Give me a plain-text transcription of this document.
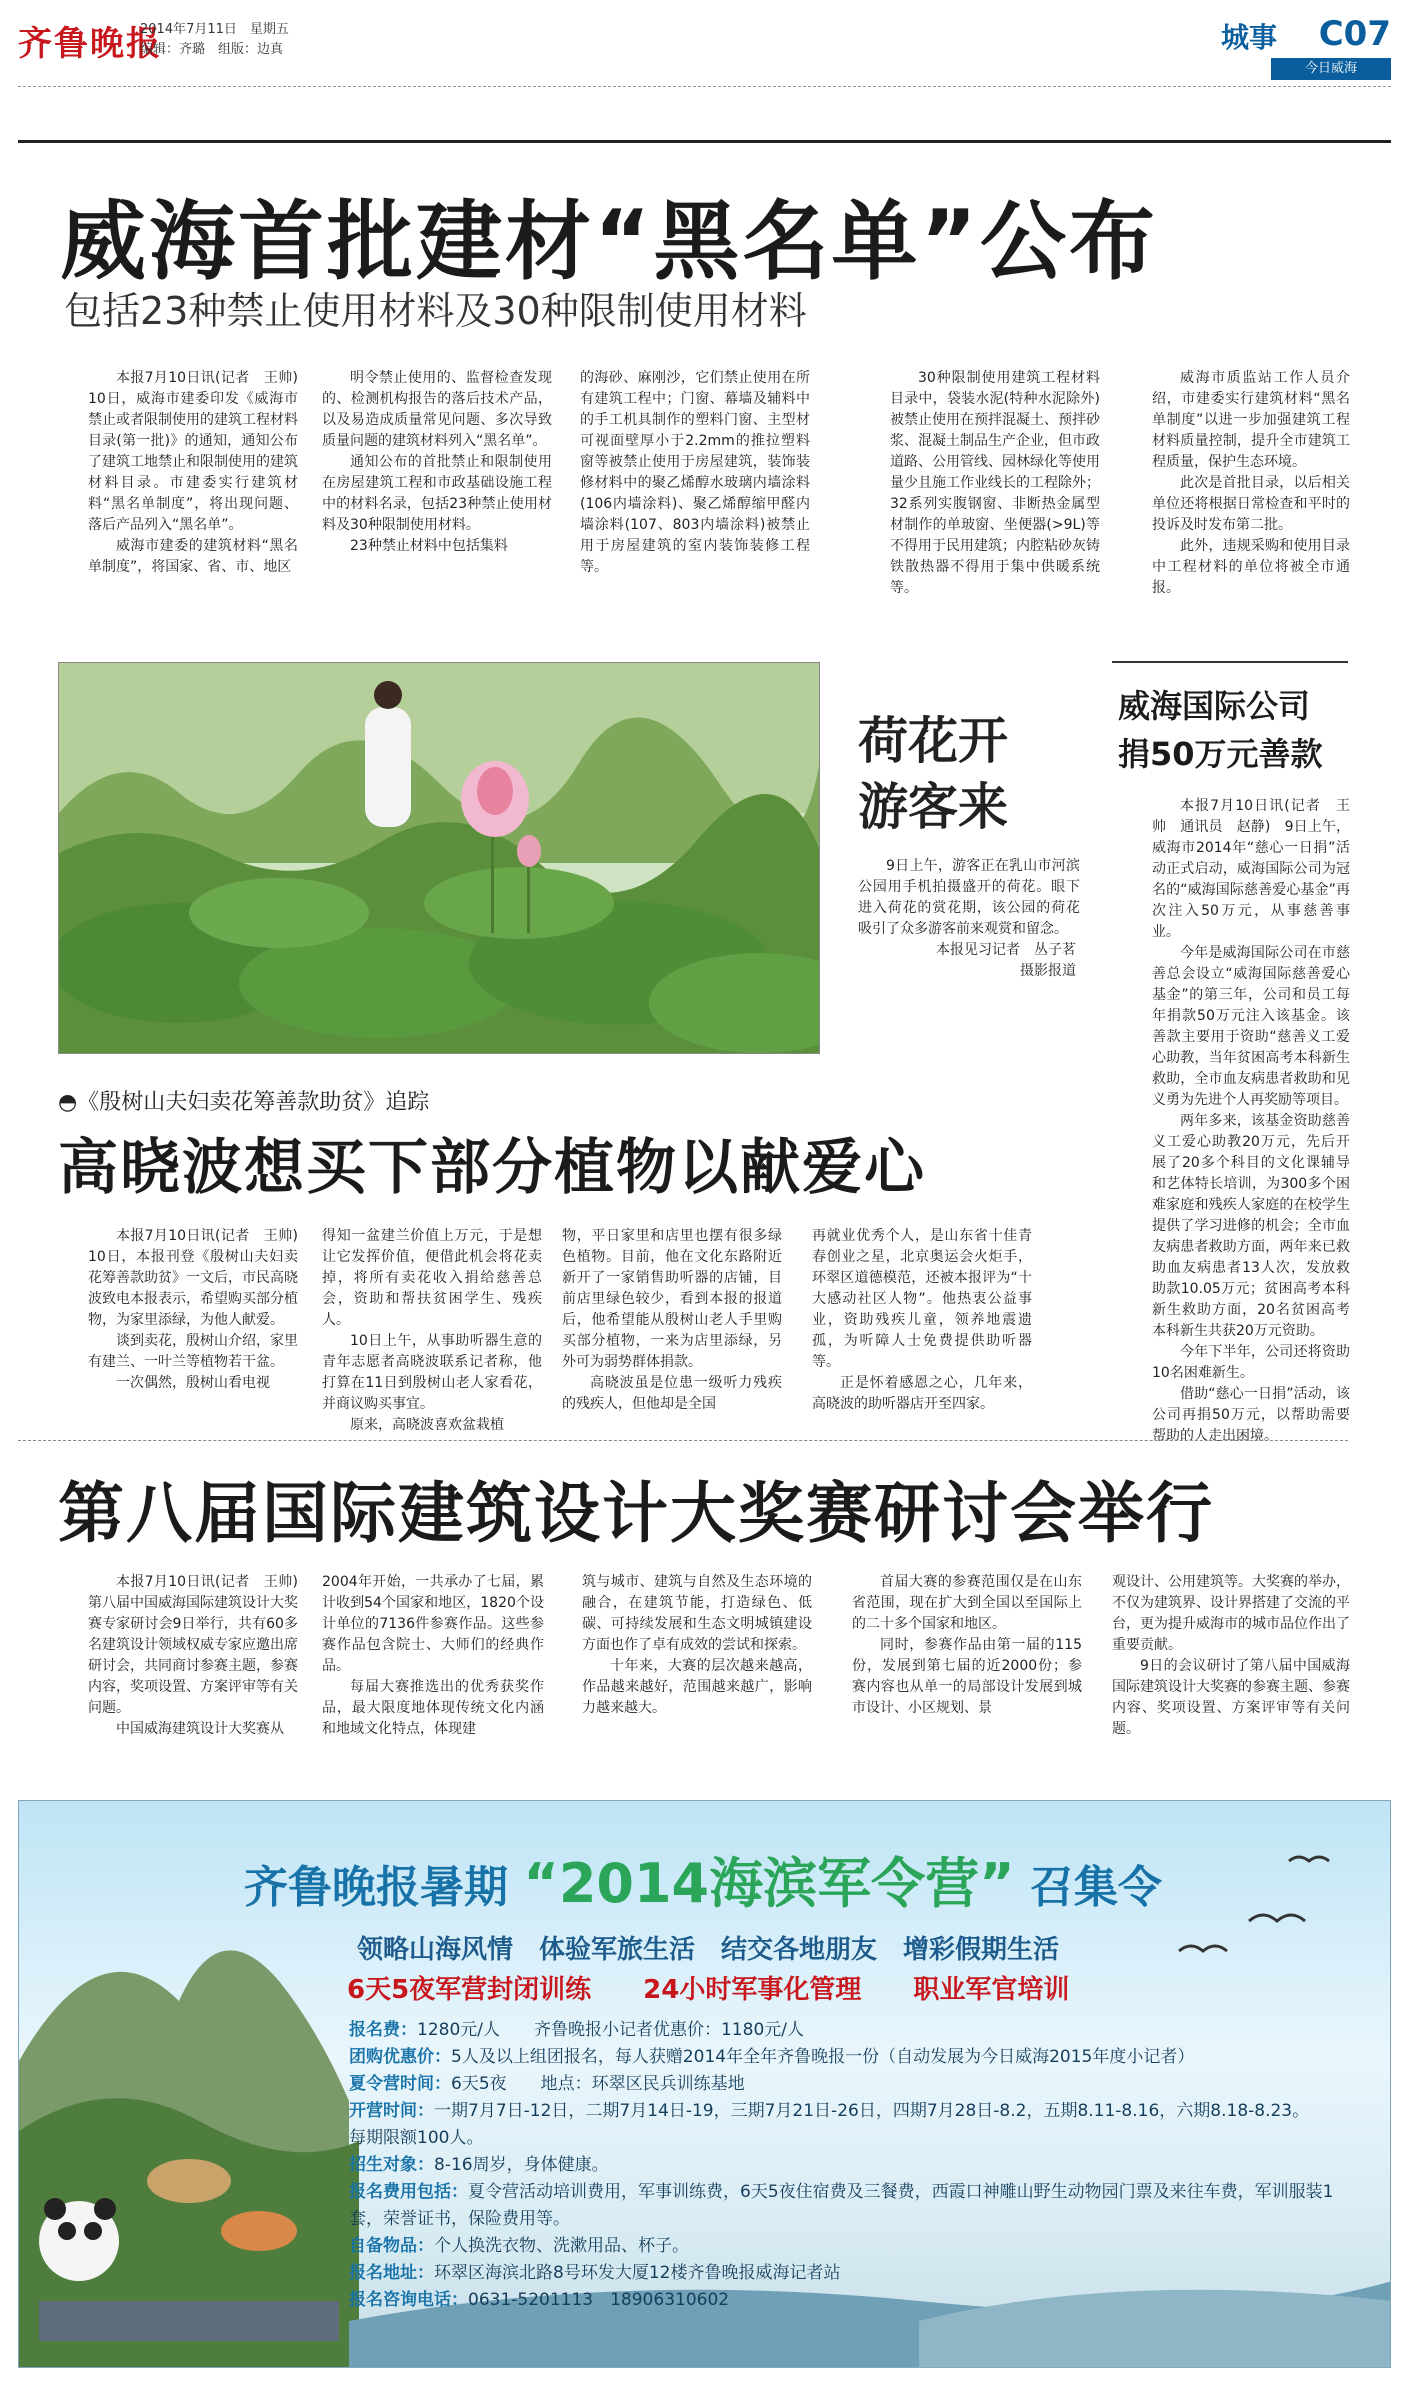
齐鲁晚报
2014年7月11日　星期五
编辑：齐璐　组版：边真	城事 C07
今日威海
威海首批建材“黑名单”公布
包括23种禁止使用材料及30种限制使用材料

本报7月10日讯(记者　王帅)　10日，威海市建委印发《威海市禁止或者限制使用的建筑工程材料目录(第一批)》的通知，通知公布了建筑工地禁止和限制使用的建筑材料目录。市建委实行建筑材料“黑名单制度”，将出现问题、落后产品列入“黑名单”。

威海市建委的建筑材料“黑名单制度”，将国家、省、市、地区

明令禁止使用的、监督检查发现的、检测机构报告的落后技术产品，以及易造成质量常见问题、多次导致质量问题的建筑材料列入“黑名单”。

通知公布的首批禁止和限制使用在房屋建筑工程和市政基础设施工程中的材料名录，包括23种禁止使用材料及30种限制使用材料。

23种禁止材料中包括集料

的海砂、麻刚沙，它们禁止使用在所有建筑工程中；门窗、幕墙及辅料中的手工机具制作的塑料门窗、主型材可视面壁厚小于2.2mm的推拉塑料窗等被禁止使用于房屋建筑，装饰装修材料中的聚乙烯醇水玻璃内墙涂料(106内墙涂料)、聚乙烯醇缩甲醛内墙涂料(107、803内墙涂料)被禁止用于房屋建筑的室内装饰装修工程等。

30种限制使用建筑工程材料目录中，袋装水泥(特种水泥除外)被禁止使用在预拌混凝土、预拌砂浆、混凝土制品生产企业，但市政道路、公用管线、园林绿化等使用量少且施工作业线长的工程除外；32系列实腹钢窗、非断热金属型材制作的单玻窗、坐便器(>9L)等不得用于民用建筑；内腔粘砂灰铸铁散热器不得用于集中供暖系统等。

威海市质监站工作人员介绍，市建委实行建筑材料“黑名单制度”以进一步加强建筑工程材料质量控制，提升全市建筑工程质量，保护生态环境。

此次是首批目录，以后相关单位还将根据日常检查和平时的投诉及时发布第二批。

此外，违规采购和使用目录中工程材料的单位将被全市通报。

荷花开
游客来

9日上午，游客正在乳山市河滨公园用手机拍摄盛开的荷花。眼下进入荷花的赏花期，该公园的荷花吸引了众多游客前来观赏和留念。

本报见习记者　丛子茗

摄影报道

威海国际公司
捐50万元善款

本报7月10日讯(记者　王帅　通讯员　赵静)　9日上午，威海市2014年“慈心一日捐”活动正式启动，威海国际公司为冠名的“威海国际慈善爱心基金”再次注入50万元，从事慈善事业。

今年是威海国际公司在市慈善总会设立“威海国际慈善爱心基金”的第三年，公司和员工每年捐款50万元注入该基金。该善款主要用于资助“慈善义工爱心助教，当年贫困高考本科新生救助，全市血友病患者救助和见义勇为先进个人再奖励等项目。

两年多来，该基金资助慈善义工爱心助教20万元，先后开展了20多个科目的文化课辅导和艺体特长培训，为300多个困难家庭和残疾人家庭的在校学生提供了学习进修的机会；全市血友病患者救助方面，两年来已救助血友病患者13人次，发放救助款10.05万元；贫困高考本科新生救助方面，20名贫困高考本科新生共获20万元资助。

今年下半年，公司还将资助10名困难新生。

借助“慈心一日捐”活动，该公司再捐50万元，以帮助需要帮助的人走出困境。

◓《殷树山夫妇卖花筹善款助贫》追踪
高晓波想买下部分植物以献爱心

本报7月10日讯(记者　王帅)　10日，本报刊登《殷树山夫妇卖花筹善款助贫》一文后，市民高晓波致电本报表示，希望购买部分植物，为家里添绿，为他人献爱。

谈到卖花，殷树山介绍，家里有建兰、一叶兰等植物若干盆。

一次偶然，殷树山看电视

得知一盆建兰价值上万元，于是想让它发挥价值，便借此机会将花卖掉，将所有卖花收入捐给慈善总会，资助和帮扶贫困学生、残疾人。

10日上午，从事助听器生意的青年志愿者高晓波联系记者称，他打算在11日到殷树山老人家看花，并商议购买事宜。

原来，高晓波喜欢盆栽植

物，平日家里和店里也摆有很多绿色植物。目前，他在文化东路附近新开了一家销售助听器的店铺，目前店里绿色较少，看到本报的报道后，他希望能从殷树山老人手里购买部分植物，一来为店里添绿，另外可为弱势群体捐款。

高晓波虽是位患一级听力残疾的残疾人，但他却是全国

再就业优秀个人，是山东省十佳青春创业之星，北京奥运会火炬手，环翠区道德模范，还被本报评为“十大感动社区人物”。他热衷公益事业，资助残疾儿童，领养地震遗孤，为听障人士免费提供助听器等。

正是怀着感恩之心，几年来，高晓波的助听器店开至四家。

第八届国际建筑设计大奖赛研讨会举行

本报7月10日讯(记者　王帅)　第八届中国威海国际建筑设计大奖赛专家研讨会9日举行，共有60多名建筑设计领域权威专家应邀出席研讨会，共同商讨参赛主题，参赛内容，奖项设置、方案评审等有关问题。

中国威海建筑设计大奖赛从

2004年开始，一共承办了七届，累计收到54个国家和地区，1820个设计单位的7136件参赛作品。这些参赛作品包含院士、大师们的经典作品。

每届大赛推选出的优秀获奖作品，最大限度地体现传统文化内涵和地域文化特点，体现建

筑与城市、建筑与自然及生态环境的融合，在建筑节能，打造绿色、低碳、可持续发展和生态文明城镇建设方面也作了卓有成效的尝试和探索。

十年来，大赛的层次越来越高，作品越来越好，范围越来越广，影响力越来越大。

首届大赛的参赛范围仅是在山东省范围，现在扩大到全国以至国际上的二十多个国家和地区。

同时，参赛作品由第一届的115份，发展到第七届的近2000份；参赛内容也从单一的局部设计发展到城市设计、小区规划、景

观设计、公用建筑等。大奖赛的举办，不仅为建筑界、设计界搭建了交流的平台，更为提升威海市的城市品位作出了重要贡献。

9日的会议研讨了第八届中国威海国际建筑设计大奖赛的参赛主题、参赛内容、奖项设置、方案评审等有关问题。

齐鲁晚报暑期 “2014海滨军令营” 召集令
领略山海风情　体验军旅生活　结交各地朋友　增彩假期生活
6天5夜军营封闭训练　　24小时军事化管理　　职业军官培训
报名费：1280元/人　　齐鲁晚报小记者优惠价：1180元/人
团购优惠价：5人及以上组团报名，每人获赠2014年全年齐鲁晚报一份（自动发展为今日威海2015年度小记者）
夏令营时间：6天5夜　　地点：环翠区民兵训练基地
开营时间：一期7月7日-12日，二期7月14日-19，三期7月21日-26日，四期7月28日-8.2，五期8.11-8.16，六期8.18-8.23。
每期限额100人。
招生对象：8-16周岁，身体健康。
报名费用包括：夏令营活动培训费用，军事训练费，6天5夜住宿费及三餐费，西霞口神雕山野生动物园门票及来往车费，军训服装1套，荣誉证书，保险费用等。
自备物品：个人换洗衣物、洗漱用品、杯子。
报名地址：环翠区海滨北路8号环发大厦12楼齐鲁晚报威海记者站
报名咨询电话：0631-5201113　18906310602
